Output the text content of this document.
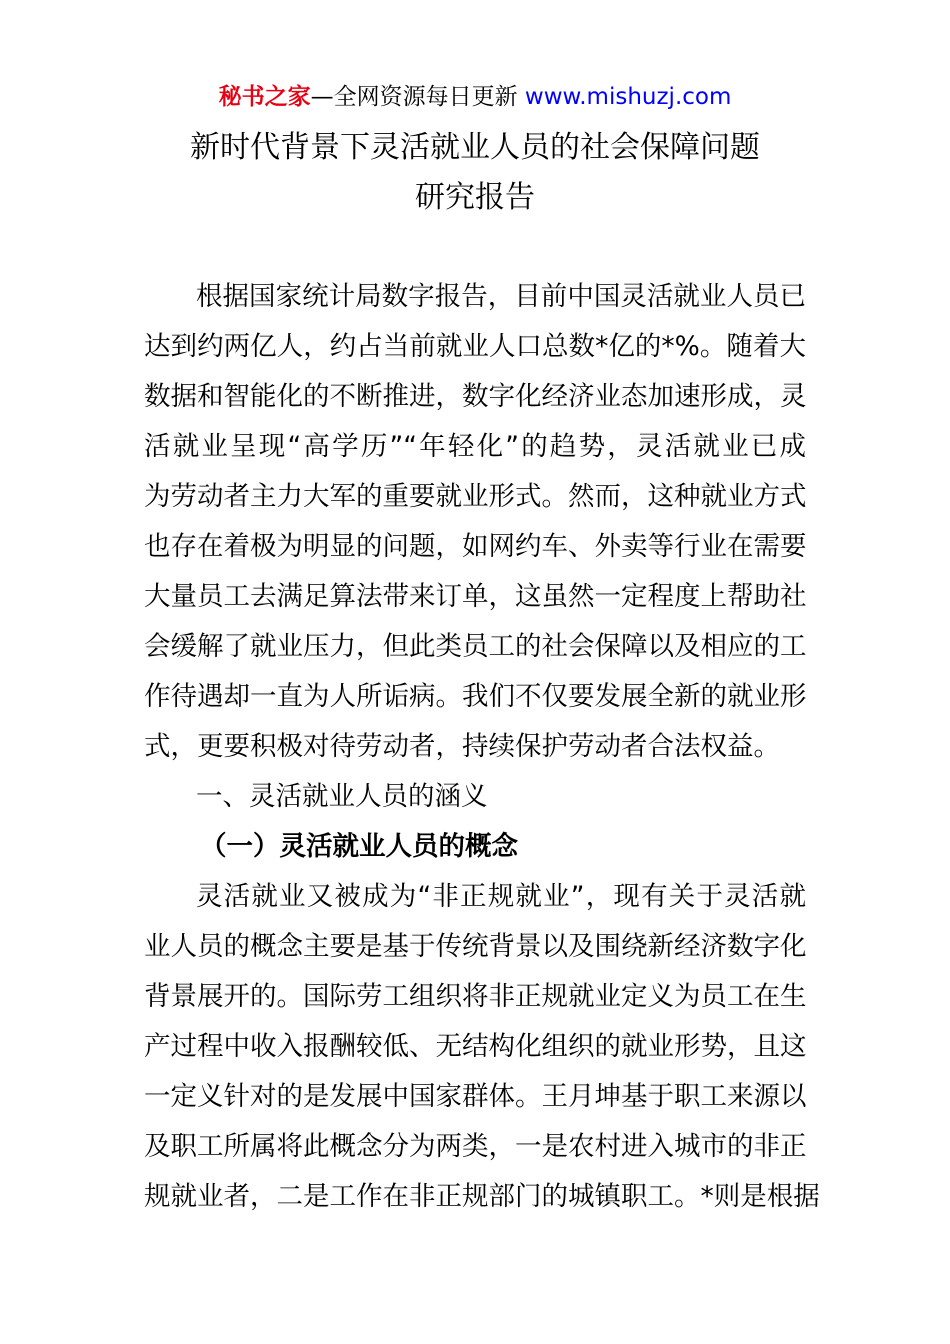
秘书之家—全网资源每日更新 www.mishuzj.com
新时代背景下灵活就业人员的社会保障问题
研究报告
根据国家统计局数字报告，目前中国灵活就业人员已
达到约两亿人，约占当前就业人口总数*亿的*%。随着大
数据和智能化的不断推进，数字化经济业态加速形成，灵
活就业呈现“高学历”“年轻化”的趋势，灵活就业已成
为劳动者主力大军的重要就业形式。然而，这种就业方式
也存在着极为明显的问题，如网约车、外卖等行业在需要
大量员工去满足算法带来订单，这虽然一定程度上帮助社
会缓解了就业压力，但此类员工的社会保障以及相应的工
作待遇却一直为人所诟病。我们不仅要发展全新的就业形
式，更要积极对待劳动者，持续保护劳动者合法权益。
一、灵活就业人员的涵义
（一）灵活就业人员的概念
灵活就业又被成为“非正规就业”，现有关于灵活就
业人员的概念主要是基于传统背景以及围绕新经济数字化
背景展开的。国际劳工组织将非正规就业定义为员工在生
产过程中收入报酬较低、无结构化组织的就业形势，且这
一定义针对的是发展中国家群体。王月坤基于职工来源以
及职工所属将此概念分为两类，一是农村进入城市的非正
规就业者，二是工作在非正规部门的城镇职工。*则是根据
